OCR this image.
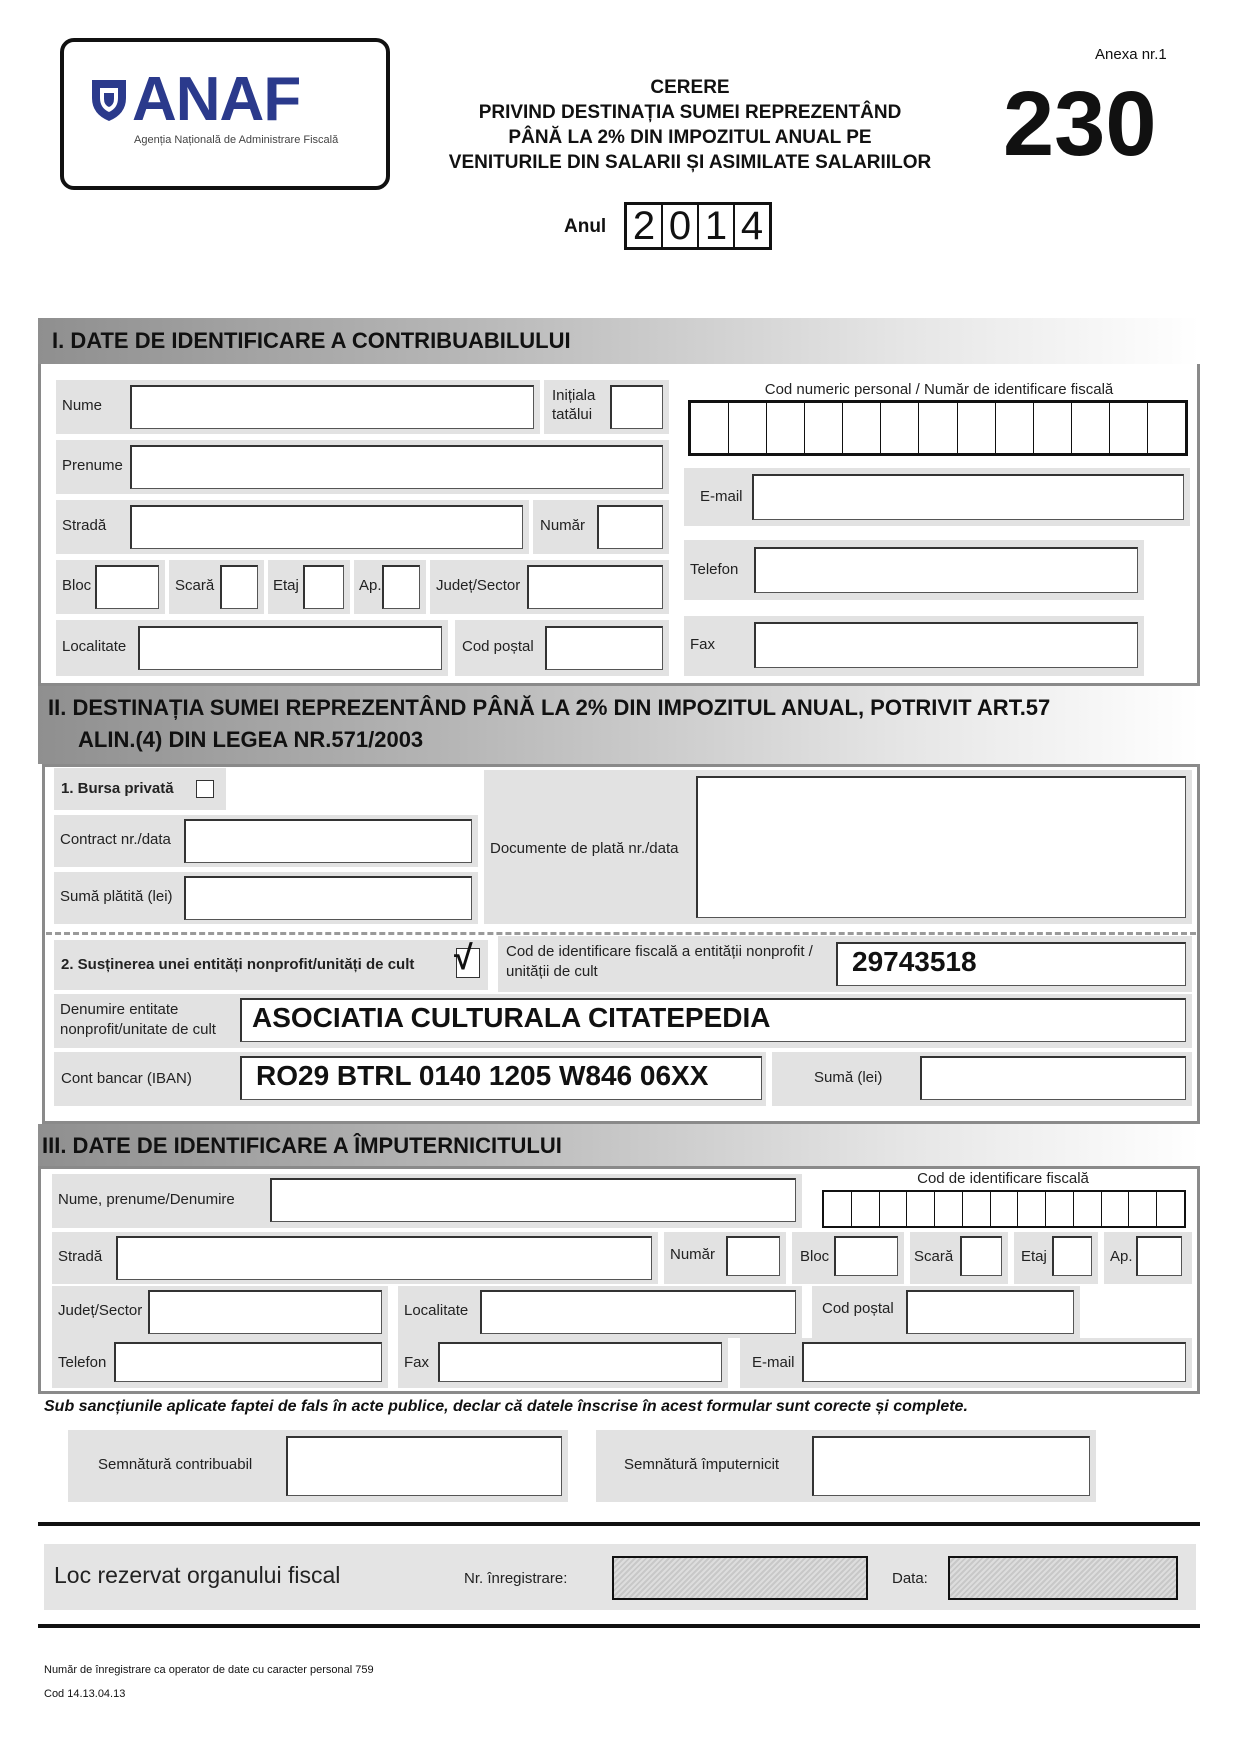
ANAF
Agenția Națională de Administrare Fiscală
CERERE
PRIVIND DESTINAȚIA SUMEI REPREZENTÂND
PÂNĂ LA 2% DIN IMPOZITUL ANUAL PE
VENITURILE DIN SALARII ȘI ASIMILATE SALARIILOR
Anexa nr.1
230
Anul 2 0 1 4
I. DATE DE IDENTIFICARE A CONTRIBUABILULUI
Nume
Inițiala tatălui
Prenume
Stradă	Număr
Bloc	Scară	Etaj	Ap.	Județ/Sector
Localitate	Cod poștal
Cod numeric personal / Număr de identificare fiscală
E-mail
Telefon
Fax
II. DESTINAȚIA SUMEI REPREZENTÂND PÂNĂ LA 2% DIN IMPOZITUL ANUAL, POTRIVIT ART.57
ALIN.(4) DIN LEGEA NR.571/2003
1. Bursa privată
Contract nr./data
Sumă plătită (lei)
Documente de plată nr./data
2. Susținerea unei entități nonprofit/unități de cult √ Cod de identificare fiscală a entității nonprofit / unității de cult	29743518
Denumire entitate nonprofit/unitate de cult	ASOCIATIA CULTURALA CITATEPEDIA
Cont bancar (IBAN) RO29 BTRL 0140 1205 W846 06XX	Sumă (lei)
III. DATE DE IDENTIFICARE A ÎMPUTERNICITULUI
Nume, prenume/Denumire
Cod de identificare fiscală
Stradă	Număr	Bloc	Scară	Etaj	Ap.
Județ/Sector	Localitate	Cod poștal
Telefon	Fax	E-mail
Sub sancțiunile aplicate faptei de fals în acte publice, declar că datele înscrise în acest formular sunt corecte și complete.
Semnătură contribuabil	Semnătură împuternicit
Loc rezervat organului fiscal	Nr. înregistrare:	Data:
Număr de înregistrare ca operator de date cu caracter personal 759
Cod 14.13.04.13
